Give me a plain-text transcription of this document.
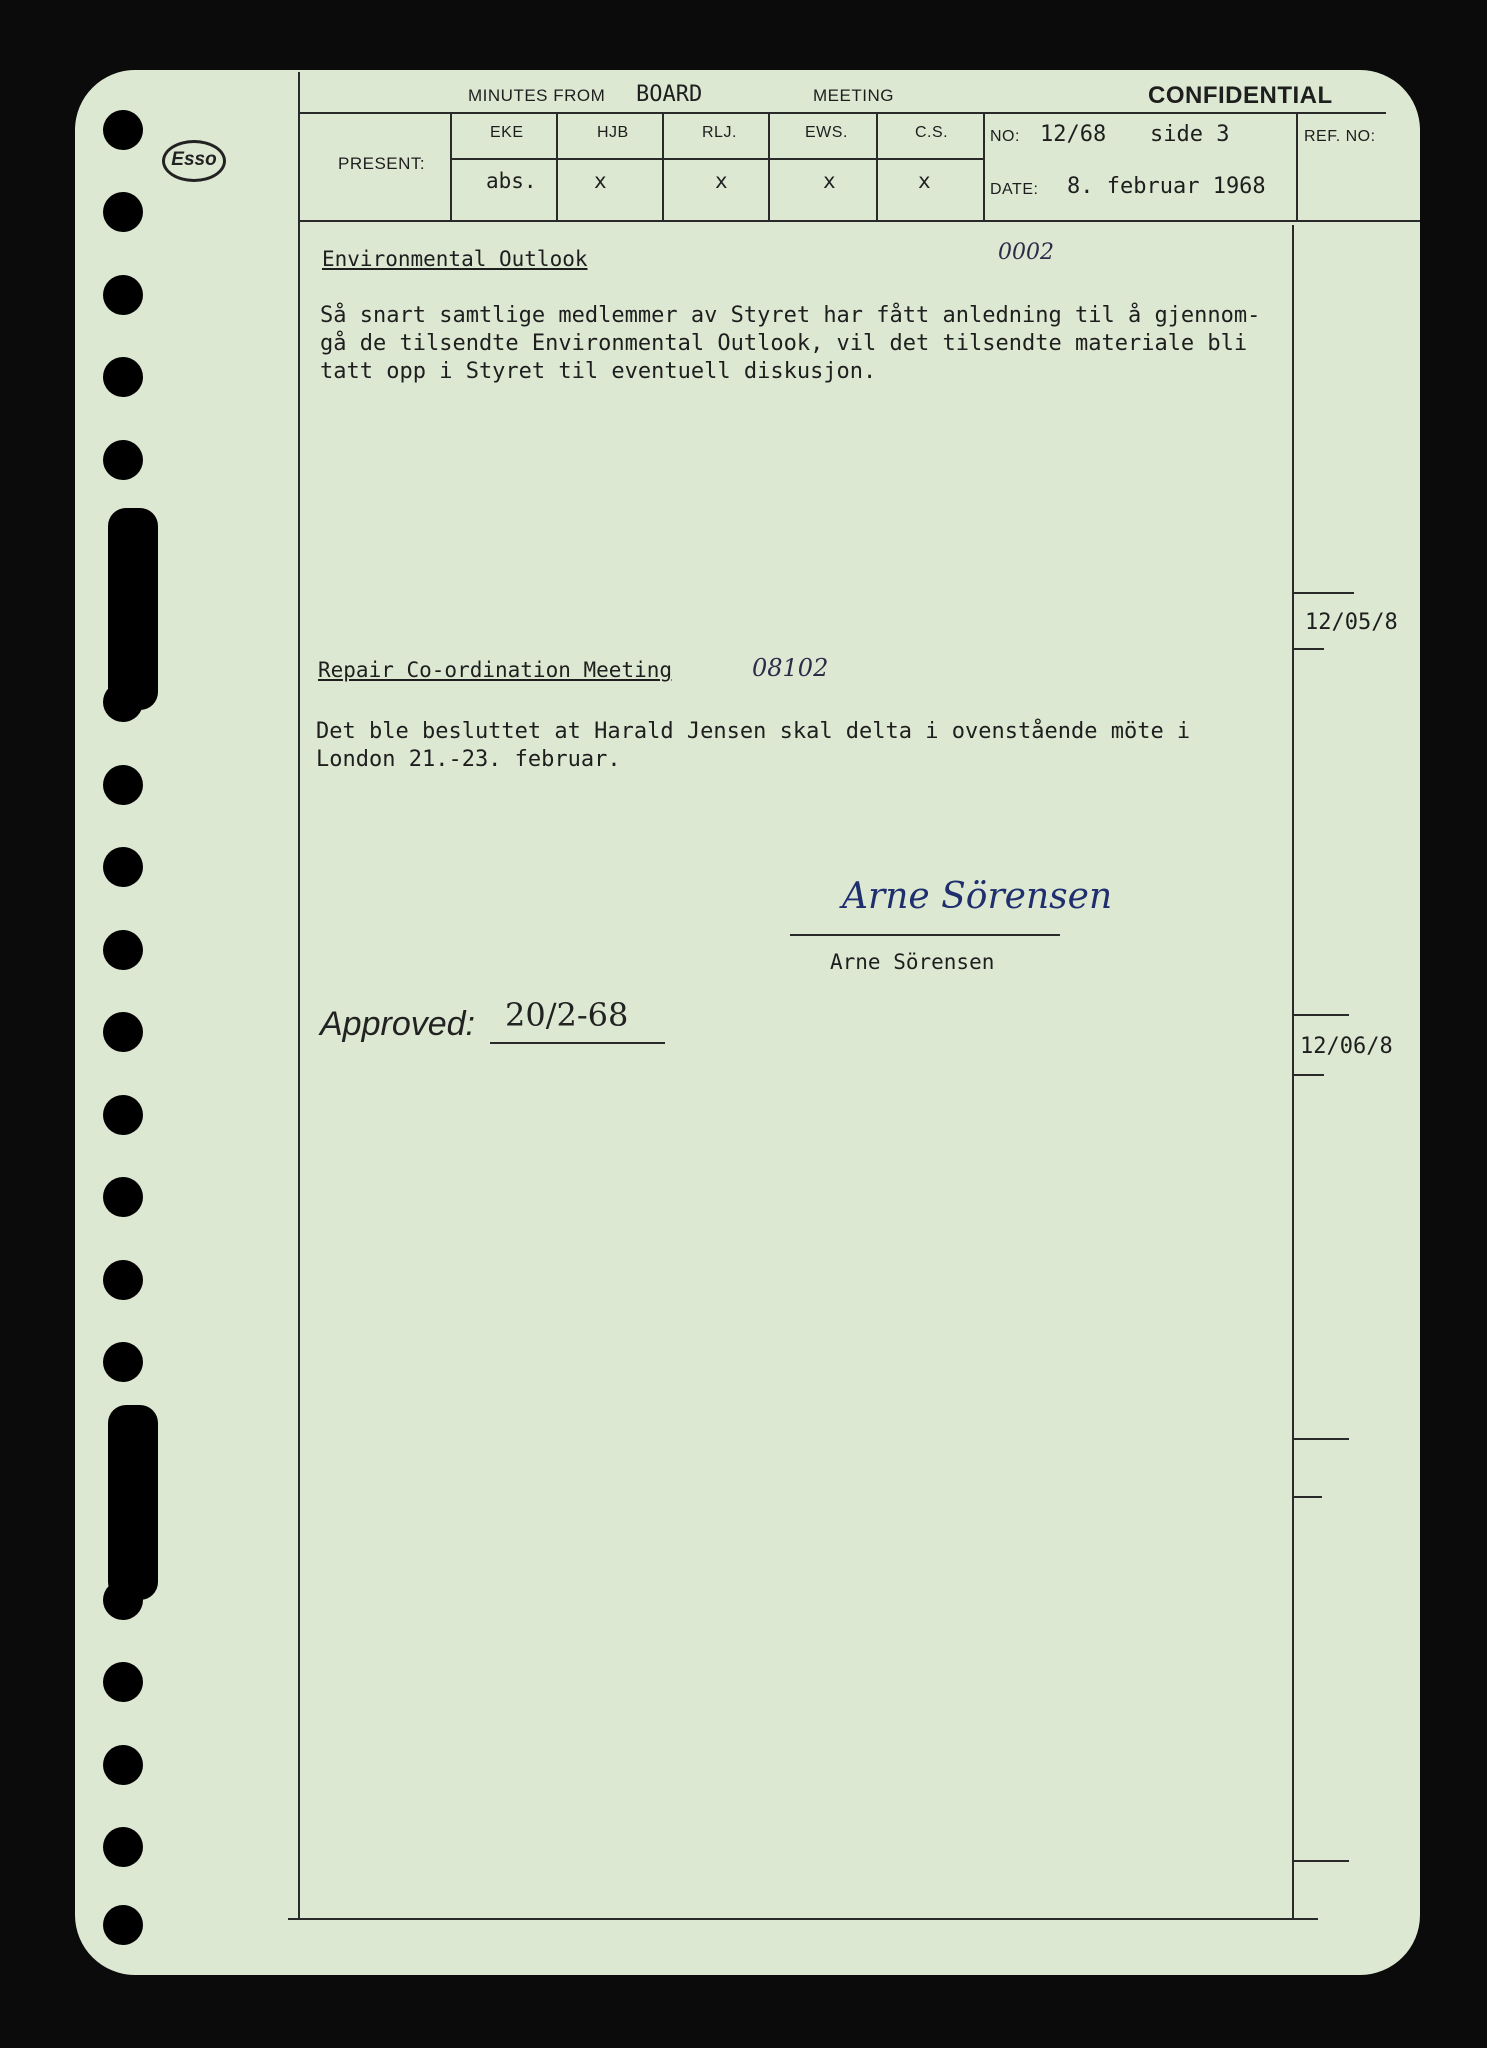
Esso
MINUTES FROM BOARD	MEETING	CONFIDENTIAL
PRESENT:
EKE	HJB	RLJ.	EWS.	C.S.
abs.	x	x	x	x
NO: 12/68 side 3
DATE: 8. februar 1968
REF. NO:
Environmental Outlook	0002
Så snart samtlige medlemmer av Styret har fått anledning til å gjennom-
gå de tilsendte Environmental Outlook, vil det tilsendte materiale bli
tatt opp i Styret til eventuell diskusjon.
12/05/8
Repair Co-ordination Meeting	08102
Det ble besluttet at Harald Jensen skal delta i ovenstående möte i
London 21.-23. februar.
Arne Sörensen
Arne Sörensen
Approved: 20/2-68
12/06/8
